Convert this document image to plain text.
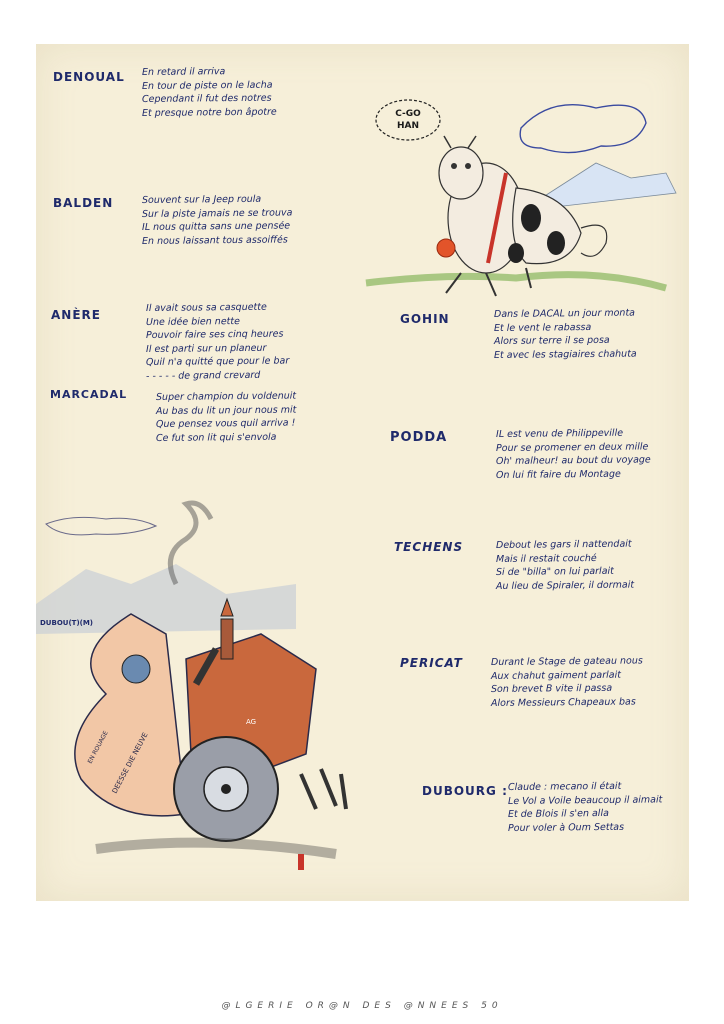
C-GO
HAN
DEESSE DIE NEUVE
EN ROUAGE
AG
DUBOU(T)(M)
DENOUAL En retard il arriva
En tour de piste on le lacha
Cependant il fut des notres
Et presque notre bon âpotre
BALDEN	Souvent sur la Jeep roula
Sur la piste jamais ne se trouva
IL nous quitta sans une pensée
En nous laissant tous assoiffés
ANÈRE
Il avait sous sa casquette
Une idée bien nette
Pouvoir faire ses cinq heures
Il est parti sur un planeur
Quil n'a quitté que pour le bar
- - - - - de grand crevard
MARCADAL	Super champion du voldenuit
Au bas du lit un jour nous mit
Que pensez vous quil arriva !
Ce fut son lit qui s'envola
GOHIN	Dans le DACAL un jour monta
Et le vent le rabassa
Alors sur terre il se posa
Et avec les stagiaires chahuta
PODDA	IL est venu de Philippeville
Pour se promener en deux mille
Oh' malheur! au bout du voyage
On lui fit faire du Montage
TECHENS	Debout les gars il nattendait
Mais il restait couché
Si de "billa" on lui parlait
Au lieu de Spiraler, il dormait
PERICAT	Durant le Stage de gateau nous
Aux chahut gaiment parlait
Son brevet B vite il passa
Alors Messieurs Chapeaux bas
DUBOURG : Claude : mecano il était
Le Vol a Voile beaucoup il aimait
Et de Blois il s'en alla
Pour voler à Oum Settas
@LGERIE OR@N DES @NNEES 50
